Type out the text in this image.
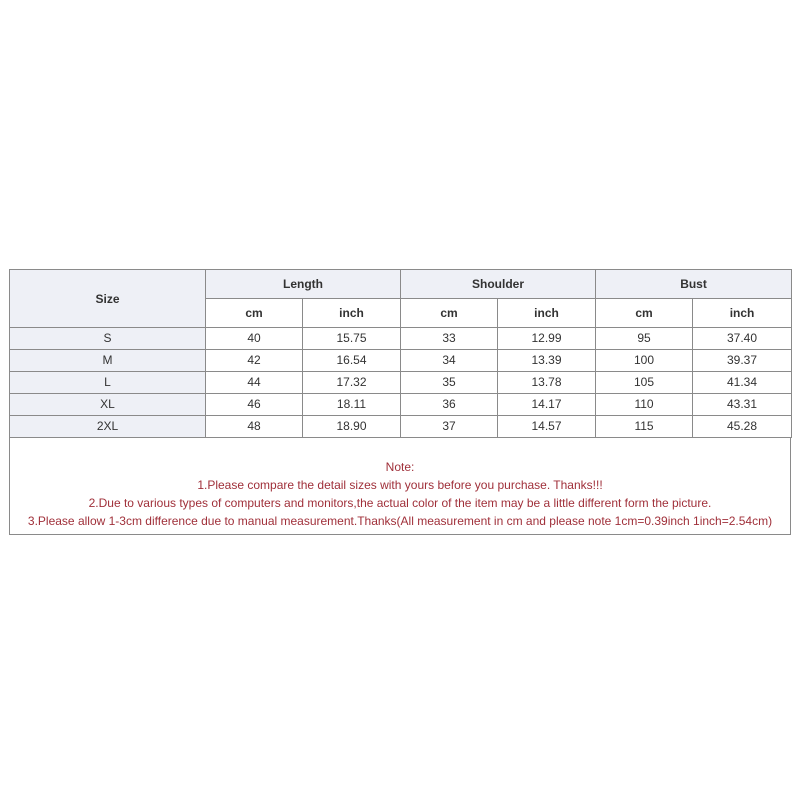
Size	Length		Shoulder		Bust	
	cm	inch	cm	inch	cm	inch
S	40	15.75	33	12.99	95	37.40
M	42	16.54	34	13.39	100	39.37
L	44	17.32	35	13.78	105	41.34
XL	46	18.11	36	14.17	110	43.31
2XL	48	18.90	37	14.57	115	45.28
Note:
1.Please compare the detail sizes with yours before you purchase. Thanks!!!
2.Due to various types of computers and monitors,the actual color of the item may be a little different form the picture.
3.Please allow 1-3cm difference due to manual measurement.Thanks(All measurement in cm and please note 1cm=0.39inch 1inch=2.54cm)
